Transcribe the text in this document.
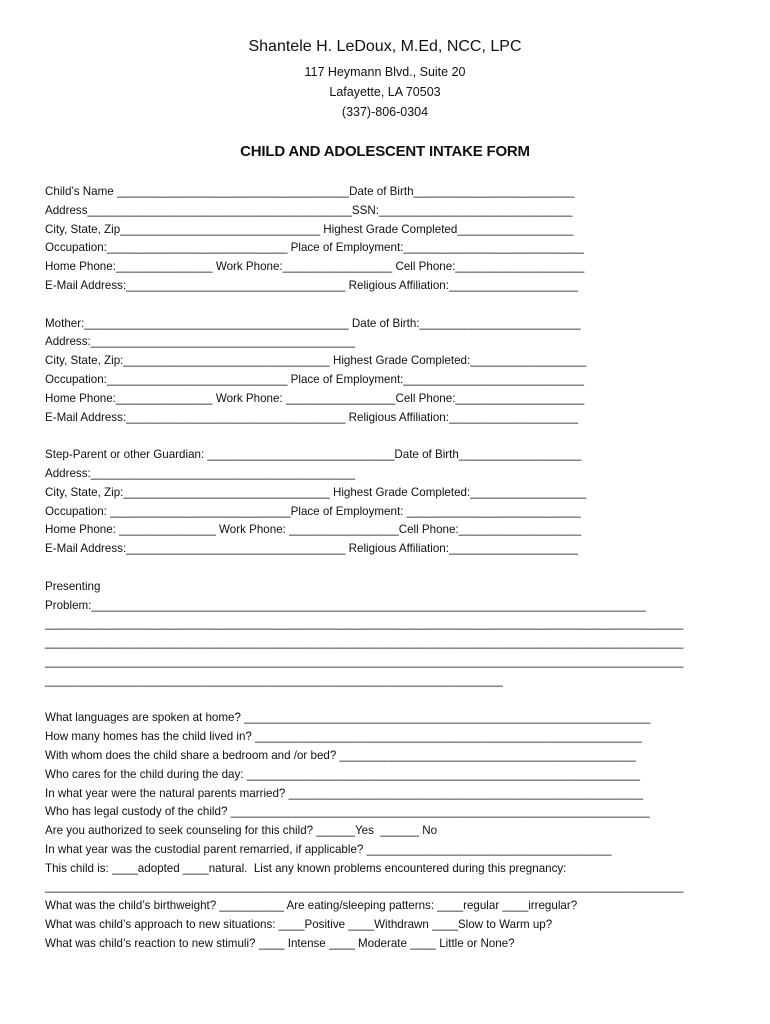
Shantele H. LeDoux, M.Ed, NCC, LPC
117 Heymann Blvd., Suite 20
Lafayette, LA 70503
(337)-806-0304
CHILD AND ADOLESCENT INTAKE FORM
Child’s Name ____________________________________Date of Birth_________________________
Address_________________________________________SSN:______________________________
City, State, Zip_______________________________ Highest Grade Completed__________________
Occupation:____________________________ Place of Employment:____________________________
Home Phone:_______________ Work Phone:_________________ Cell Phone:____________________
E-Mail Address:__________________________________ Religious Affiliation:____________________
Mother:_________________________________________ Date of Birth:_________________________
Address:_________________________________________
City, State, Zip:________________________________ Highest Grade Completed:__________________
Occupation:____________________________ Place of Employment:____________________________
Home Phone:_______________ Work Phone: _________________Cell Phone:____________________
E-Mail Address:__________________________________ Religious Affiliation:____________________
Step-Parent or other Guardian: _____________________________Date of Birth___________________
Address:_________________________________________
City, State, Zip:________________________________ Highest Grade Completed:__________________
Occupation: ____________________________Place of Employment: ___________________________
Home Phone: _______________ Work Phone: _________________Cell Phone:___________________
E-Mail Address:__________________________________ Religious Affiliation:____________________
Presenting
Problem:______________________________________________________________________________________
___________________________________________________________________________________________________
___________________________________________________________________________________________________
___________________________________________________________________________________________________
_______________________________________________________________________
What languages are spoken at home? _______________________________________________________________
How many homes has the child lived in? ____________________________________________________________
With whom does the child share a bedroom and /or bed? ______________________________________________
Who cares for the child during the day: _____________________________________________________________
In what year were the natural parents married? _______________________________________________________
Who has legal custody of the child? _________________________________________________________________
Are you authorized to seek counseling for this child? ______Yes  ______ No
In what year was the custodial parent remarried, if applicable? ______________________________________
This child is: ____adopted ____natural.  List any known problems encountered during this pregnancy:
___________________________________________________________________________________________________
What was the child’s birthweight? __________ Are eating/sleeping patterns: ____regular ____irregular?
What was child’s approach to new situations: ____Positive ____Withdrawn ____Slow to Warm up?
What was child’s reaction to new stimuli? ____ Intense ____ Moderate ____ Little or None?
